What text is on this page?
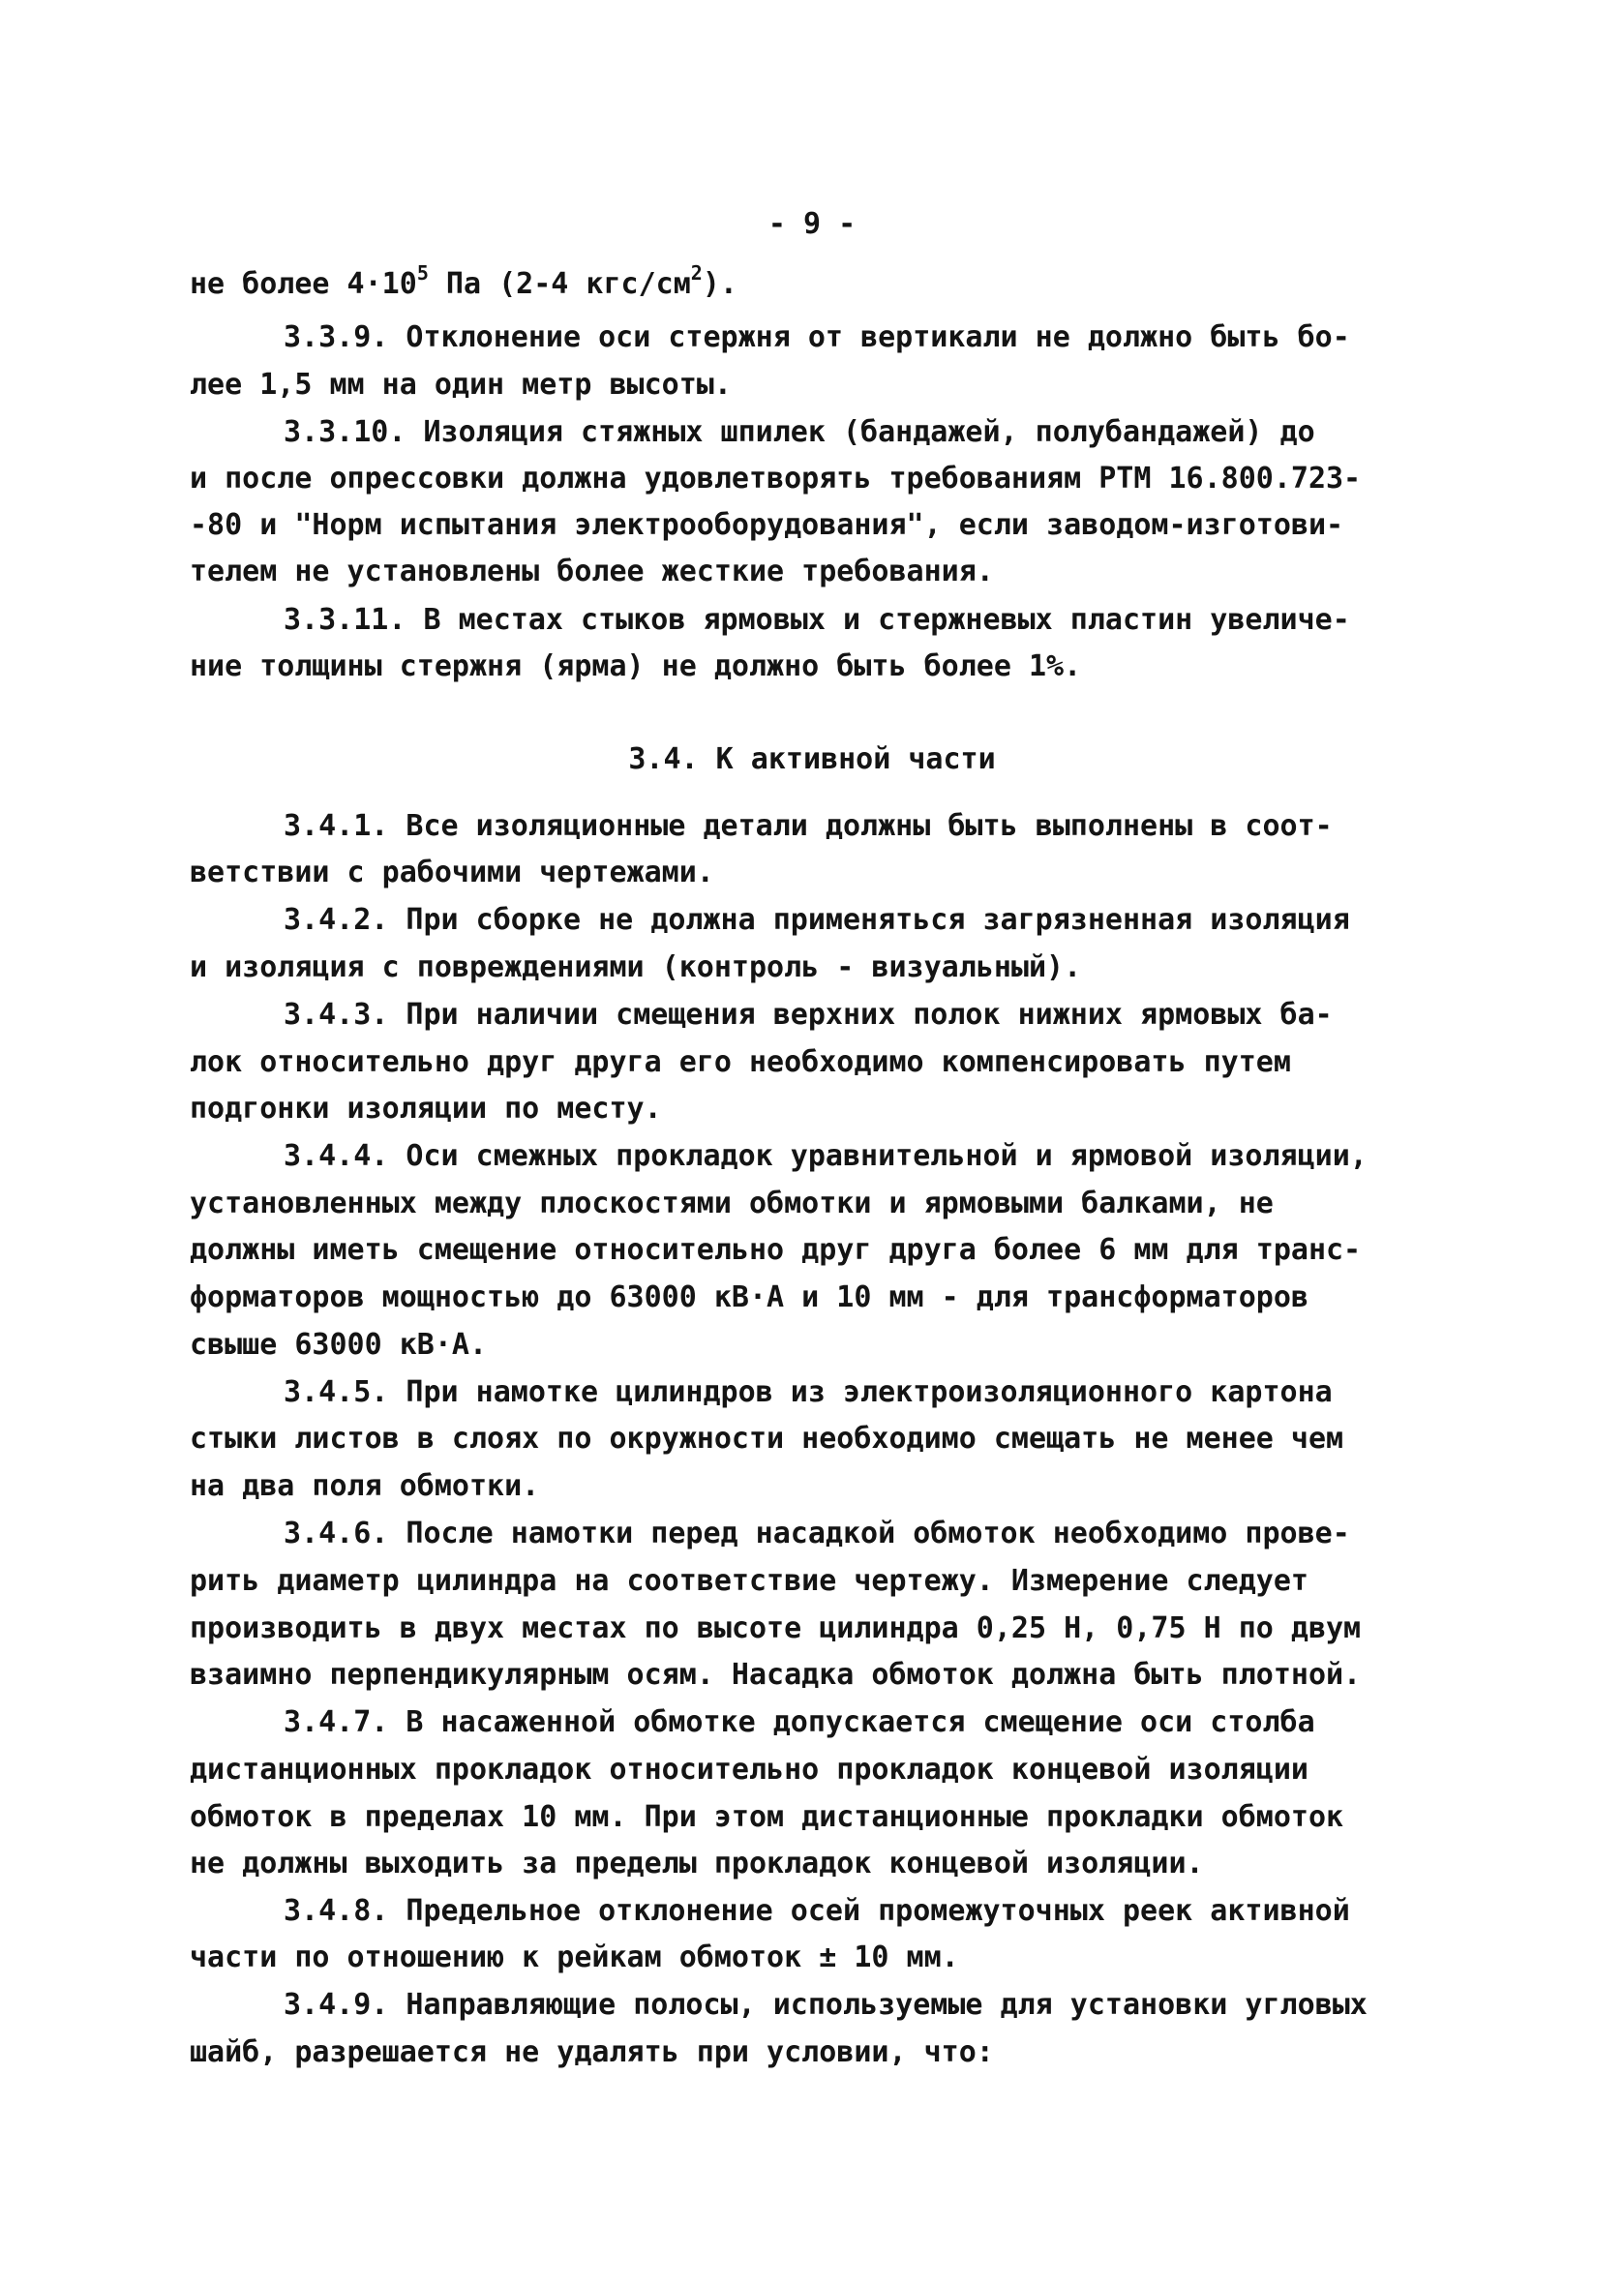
- 9 -

не более $4\cdot 10^5$ Па (2-4 кгс/$см^2$).

3.3.9. Отклонение оси стержня от вертикали не должно быть бо-

лее 1,5 мм на один метр высоты.

3.3.10. Изоляция стяжных шпилек (бандажей, полубандажей) до

и после опрессовки должна удовлетворять требованиям РТМ 16.800.723-

-80 и "Норм испытания электрооборудования", если заводом-изготови-

телем не установлены более жесткие требования.

3.3.11. В местах стыков ярмовых и стержневых пластин увеличе-

ние толщины стержня (ярма) не должно быть более 1%.

3.4. К активной части

3.4.1. Все изоляционные детали должны быть выполнены в соот-

ветствии с рабочими чертежами.

3.4.2. При сборке не должна применяться загрязненная изоляция

и изоляция с повреждениями (контроль - визуальный).

3.4.3. При наличии смещения верхних полок нижних ярмовых ба-

лок относительно друг друга его необходимо компенсировать путем

подгонки изоляции по месту.

3.4.4. Оси смежных прокладок уравнительной и ярмовой изоляции,

установленных между плоскостями обмотки и ярмовыми балками, не

должны иметь смещение относительно друг друга более 6 мм для транс-

форматоров мощностью до 63000 кВ·А и 10 мм - для трансформаторов

свыше 63000 кВ·А.

3.4.5. При намотке цилиндров из электроизоляционного картона

стыки листов в слоях по окружности необходимо смещать не менее чем

на два поля обмотки.

3.4.6. После намотки перед насадкой обмоток необходимо прове-

рить диаметр цилиндра на соответствие чертежу. Измерение следует

производить в двух местах по высоте цилиндра 0,25 Н, 0,75 Н по двум

взаимно перпендикулярным осям. Насадка обмоток должна быть плотной.

3.4.7. В насаженной обмотке допускается смещение оси столба

дистанционных прокладок относительно прокладок концевой изоляции

обмоток в пределах 10 мм. При этом дистанционные прокладки обмоток

не должны выходить за пределы прокладок концевой изоляции.

3.4.8. Предельное отклонение осей промежуточных реек активной

части по отношению к рейкам обмоток ± 10 мм.

3.4.9. Направляющие полосы, используемые для установки угловых

шайб, разрешается не удалять при условии, что:
